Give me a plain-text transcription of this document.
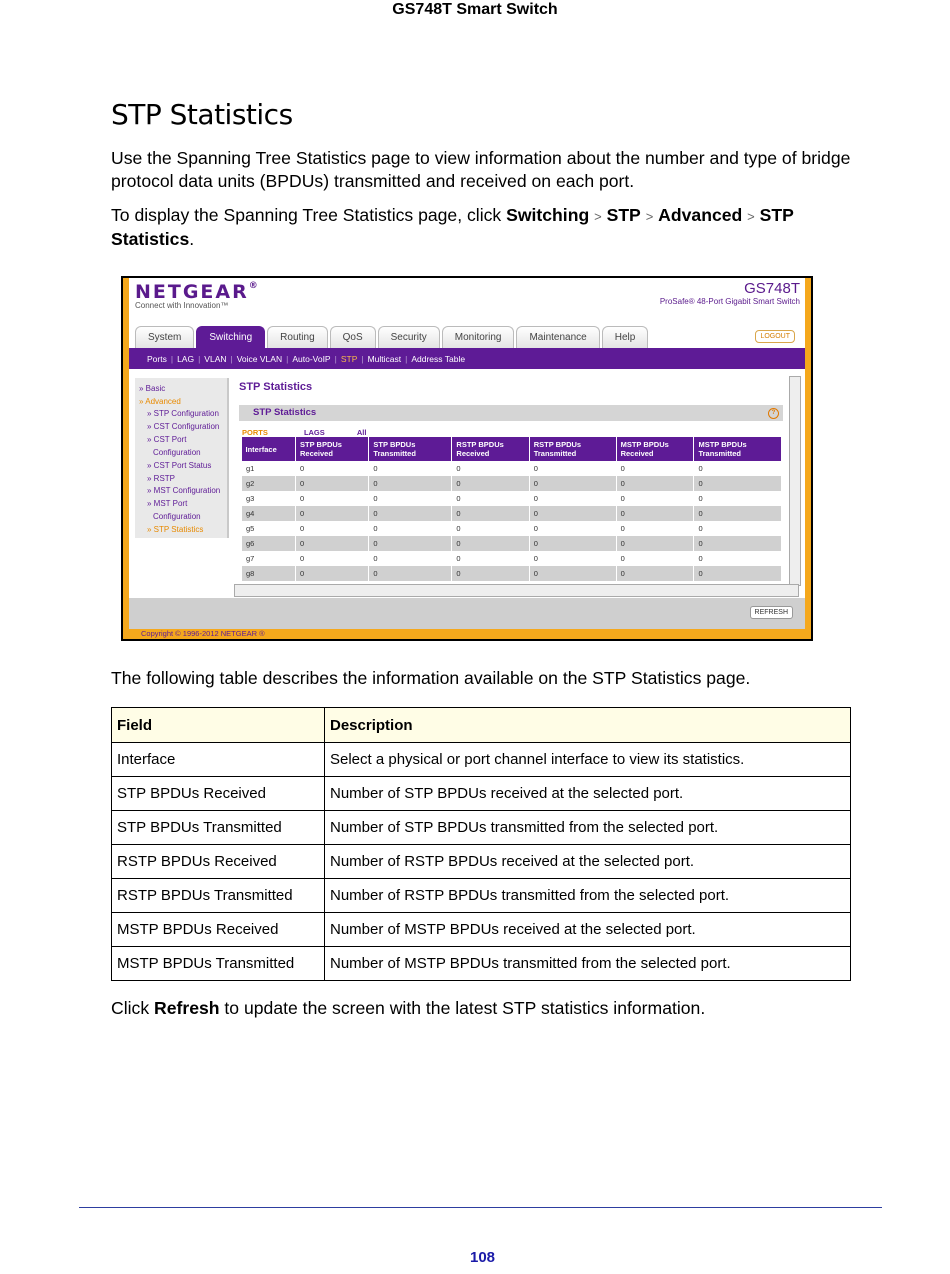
GS748T Smart Switch
STP Statistics
Use the Spanning Tree Statistics page to view information about the number and type of bridge protocol data units (BPDUs) transmitted and received on each port.
To display the Spanning Tree Statistics page, click Switching > STP > Advanced > STP Statistics.
NETGEAR®
Connect with Innovation™
GS748T
ProSafe® 48-Port Gigabit Smart Switch
System	Switching	Routing	QoS	Security	Monitoring	Maintenance	Help	LOGOUT
Ports | LAG | VLAN | Voice VLAN | Auto-VoIP | STP | Multicast | Address Table
» Basic
» Advanced
» STP Configuration
» CST Configuration
» CST Port
Configuration
» CST Port Status
» RSTP
» MST Configuration
» MST Port
Configuration
» STP Statistics
STP Statistics
STP Statistics	?
PORTS	LAGS	All
Interface	STP BPDUs Received	STP BPDUs Transmitted	RSTP BPDUs Received	RSTP BPDUs Transmitted	MSTP BPDUs Received	MSTP BPDUs Transmitted
g1	0	0	0	0	0	0
g2	0	0	0	0	0	0
g3	0	0	0	0	0	0
g4	0	0	0	0	0	0
g5	0	0	0	0	0	0
g6	0	0	0	0	0	0
g7	0	0	0	0	0	0
g8	0	0	0	0	0	0
REFRESH
Copyright © 1996-2012 NETGEAR ®
The following table describes the information available on the STP Statistics page.
Field	Description
Interface	Select a physical or port channel interface to view its statistics.
STP BPDUs Received	Number of STP BPDUs received at the selected port.
STP BPDUs Transmitted	Number of STP BPDUs transmitted from the selected port.
RSTP BPDUs Received	Number of RSTP BPDUs received at the selected port.
RSTP BPDUs Transmitted	Number of RSTP BPDUs transmitted from the selected port.
MSTP BPDUs Received	Number of MSTP BPDUs received at the selected port.
MSTP BPDUs Transmitted	Number of MSTP BPDUs transmitted from the selected port.
Click Refresh to update the screen with the latest STP statistics information.
108
